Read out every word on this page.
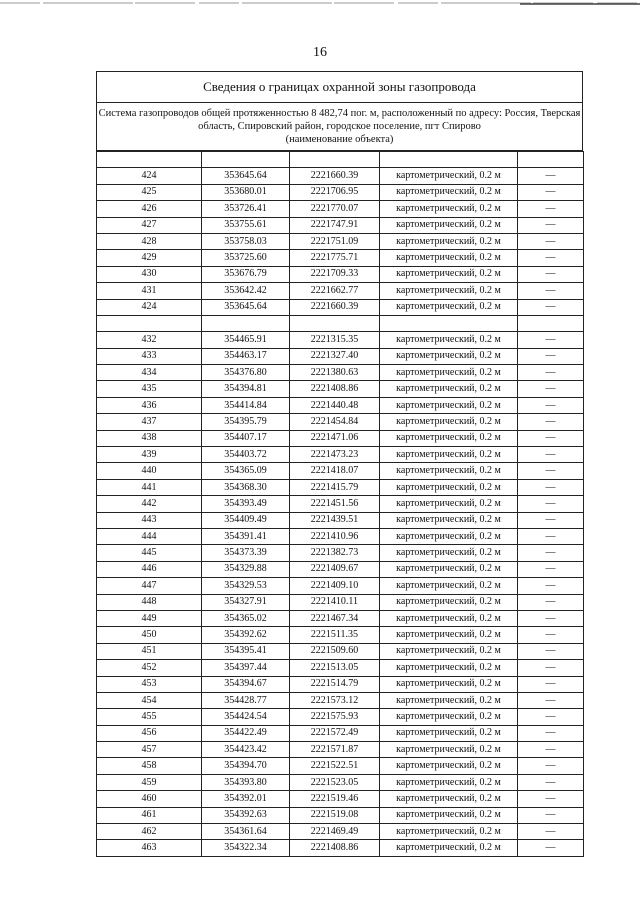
16
Сведения о границах охранной зоны газопровода
Система газопроводов общей протяженностью 8 482,74 пог. м, расположенный по адресу: Россия, Тверская область, Спировский район, городское поселение, пгт Спирово
(наименование объекта)

424	353645.64	2221660.39	картометрический, 0.2 м	—
425	353680.01	2221706.95	картометрический, 0.2 м	—
426	353726.41	2221770.07	картометрический, 0.2 м	—
427	353755.61	2221747.91	картометрический, 0.2 м	—
428	353758.03	2221751.09	картометрический, 0.2 м	—
429	353725.60	2221775.71	картометрический, 0.2 м	—
430	353676.79	2221709.33	картометрический, 0.2 м	—
431	353642.42	2221662.77	картометрический, 0.2 м	—
424	353645.64	2221660.39	картометрический, 0.2 м	—

432	354465.91	2221315.35	картометрический, 0.2 м	—
433	354463.17	2221327.40	картометрический, 0.2 м	—
434	354376.80	2221380.63	картометрический, 0.2 м	—
435	354394.81	2221408.86	картометрический, 0.2 м	—
436	354414.84	2221440.48	картометрический, 0.2 м	—
437	354395.79	2221454.84	картометрический, 0.2 м	—
438	354407.17	2221471.06	картометрический, 0.2 м	—
439	354403.72	2221473.23	картометрический, 0.2 м	—
440	354365.09	2221418.07	картометрический, 0.2 м	—
441	354368.30	2221415.79	картометрический, 0.2 м	—
442	354393.49	2221451.56	картометрический, 0.2 м	—
443	354409.49	2221439.51	картометрический, 0.2 м	—
444	354391.41	2221410.96	картометрический, 0.2 м	—
445	354373.39	2221382.73	картометрический, 0.2 м	—
446	354329.88	2221409.67	картометрический, 0.2 м	—
447	354329.53	2221409.10	картометрический, 0.2 м	—
448	354327.91	2221410.11	картометрический, 0.2 м	—
449	354365.02	2221467.34	картометрический, 0.2 м	—
450	354392.62	2221511.35	картометрический, 0.2 м	—
451	354395.41	2221509.60	картометрический, 0.2 м	—
452	354397.44	2221513.05	картометрический, 0.2 м	—
453	354394.67	2221514.79	картометрический, 0.2 м	—
454	354428.77	2221573.12	картометрический, 0.2 м	—
455	354424.54	2221575.93	картометрический, 0.2 м	—
456	354422.49	2221572.49	картометрический, 0.2 м	—
457	354423.42	2221571.87	картометрический, 0.2 м	—
458	354394.70	2221522.51	картометрический, 0.2 м	—
459	354393.80	2221523.05	картометрический, 0.2 м	—
460	354392.01	2221519.46	картометрический, 0.2 м	—
461	354392.63	2221519.08	картометрический, 0.2 м	—
462	354361.64	2221469.49	картометрический, 0.2 м	—
463	354322.34	2221408.86	картометрический, 0.2 м	—
